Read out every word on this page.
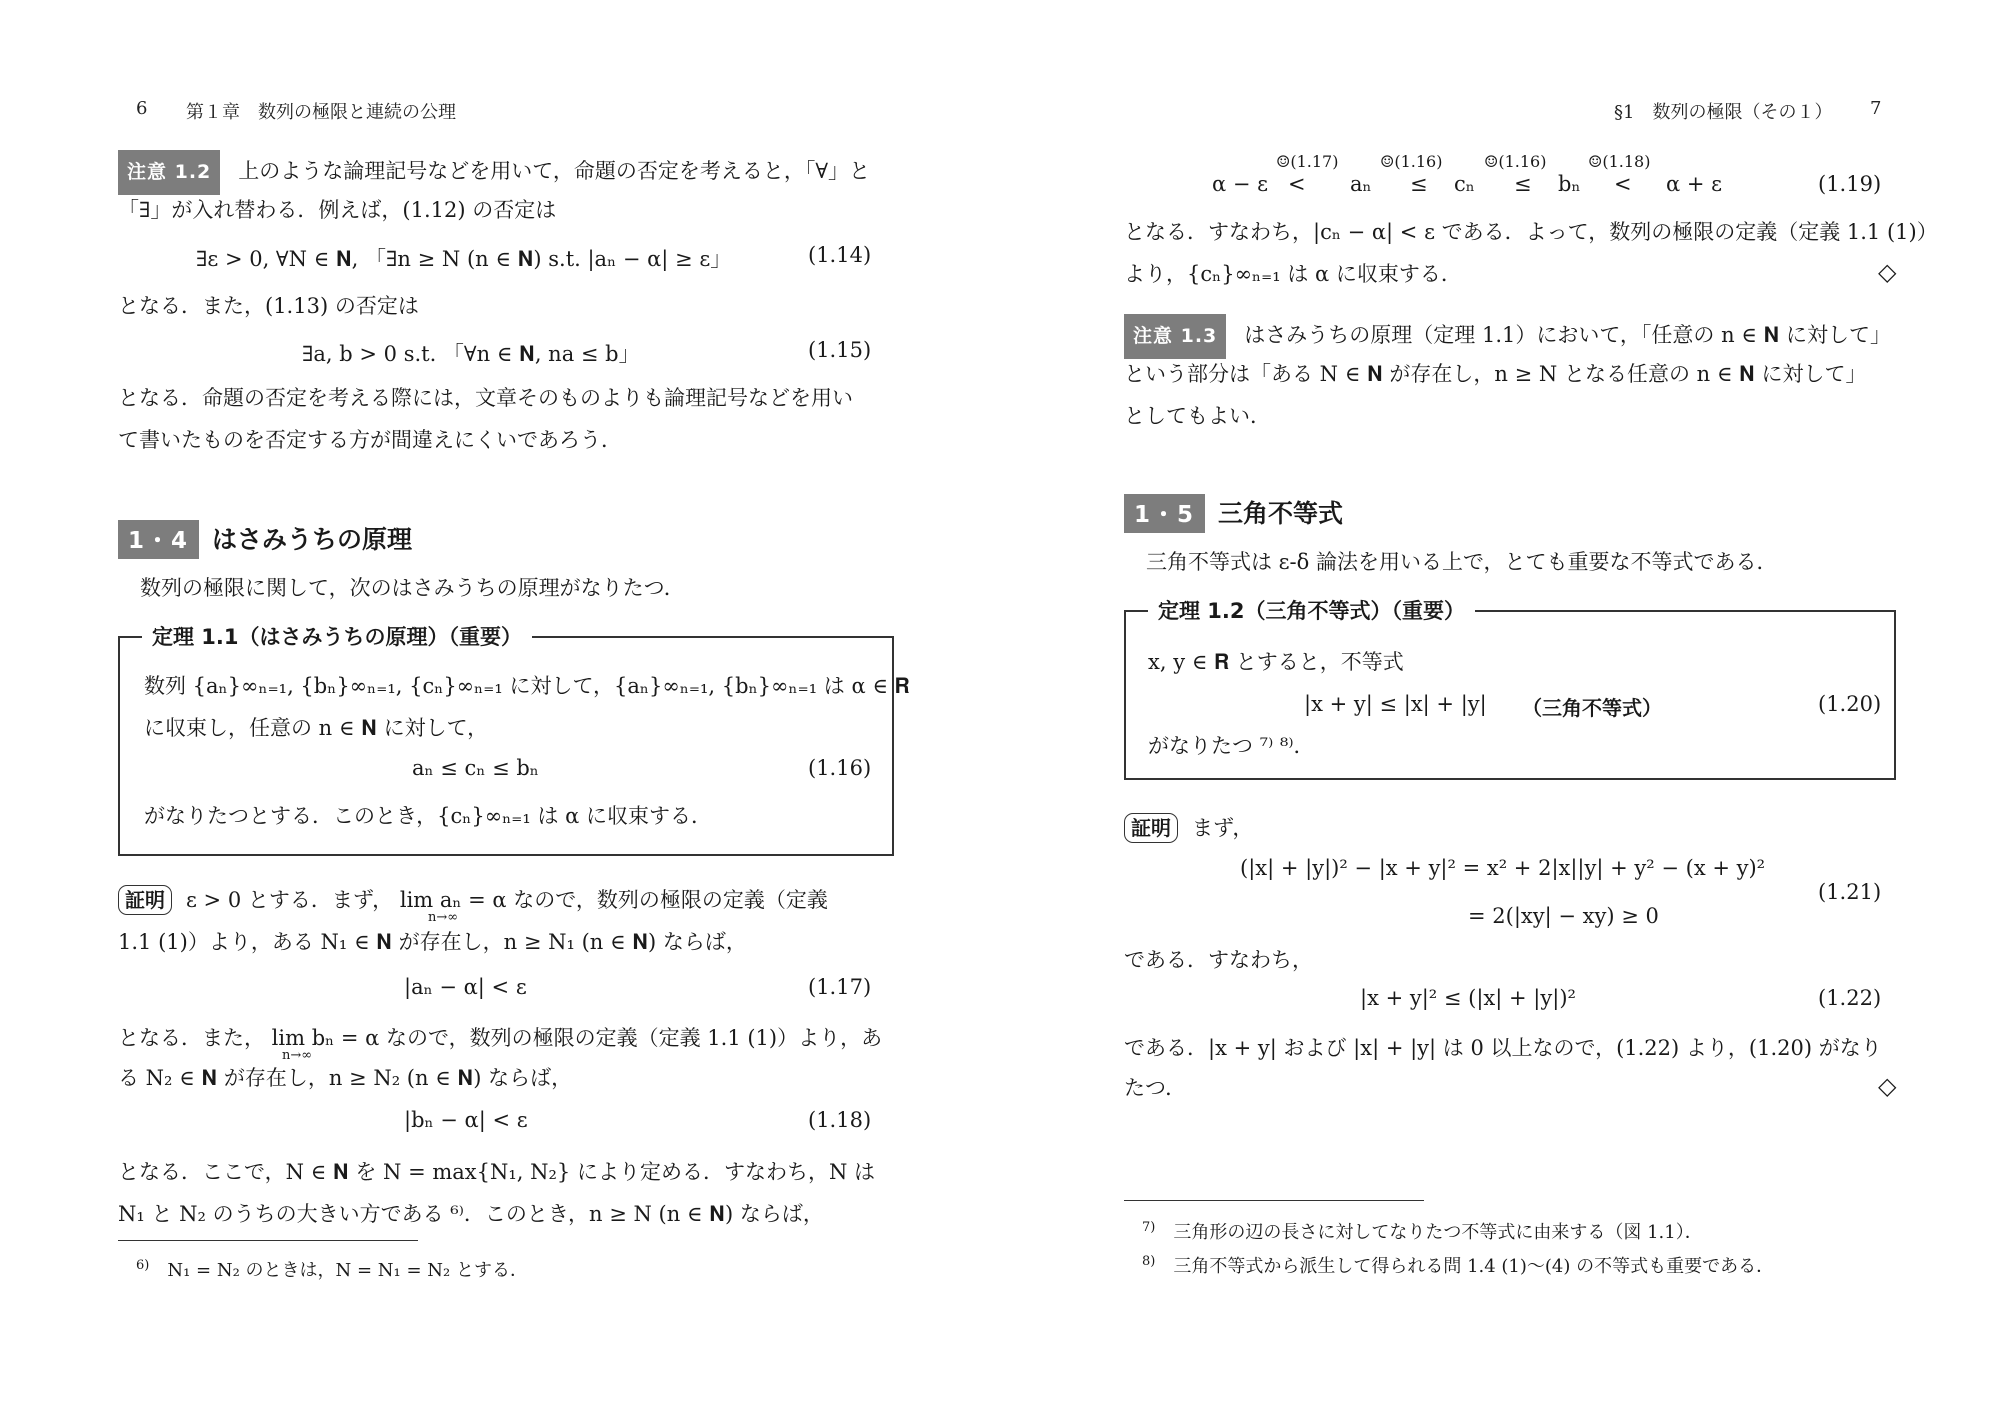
6 第１章　数列の極限と連続の公理
注意 1.2 上のような論理記号などを用いて，命題の否定を考えると，「∀」と
「∃」が入れ替わる．例えば，(1.12) の否定は
∃ε > 0, ∀N ∈ 𝐍, 「∃n ≥ N (n ∈ 𝐍) s.t. |aₙ − α| ≥ ε」	(1.14)
となる．また，(1.13) の否定は
∃a, b > 0 s.t. 「∀n ∈ 𝐍, na ≤ b」	(1.15)
となる．命題の否定を考える際には，文章そのものよりも論理記号などを用い
て書いたものを否定する方が間違えにくいであろう．
1・4 はさみうちの原理
数列の極限に関して，次のはさみうちの原理がなりたつ．
定理 1.1（はさみうちの原理）（重要）
数列 {aₙ}∞ₙ₌₁, {bₙ}∞ₙ₌₁, {cₙ}∞ₙ₌₁ に対して，{aₙ}∞ₙ₌₁, {bₙ}∞ₙ₌₁ は α ∈ 𝐑
に収束し，任意の n ∈ 𝐍 に対して，
aₙ ≤ cₙ ≤ bₙ	(1.16)
がなりたつとする．このとき，{cₙ}∞ₙ₌₁ は α に収束する．
証明 ε > 0 とする．まず， lim aₙ = α なので，数列の極限の定義（定義
n→∞
1.1 (1)）より，ある N₁ ∈ 𝐍 が存在し，n ≥ N₁ (n ∈ 𝐍) ならば，
|aₙ − α| < ε	(1.17)
となる．また， lim bₙ = α なので，数列の極限の定義（定義 1.1 (1)）より，あ
n→∞
る N₂ ∈ 𝐍 が存在し，n ≥ N₂ (n ∈ 𝐍) ならば，
|bₙ − α| < ε	(1.18)
となる．ここで，N ∈ 𝐍 を N = max{N₁, N₂} により定める．すなわち，N は
N₁ と N₂ のうちの大きい方である ⁶⁾．このとき，n ≥ N (n ∈ 𝐍) ならば，
$^{6)}$ N₁ = N₂ のときは，N = N₁ = N₂ とする．
§1　数列の極限（その１） 7
☺(1.17)	☺(1.16)	☺(1.16)	☺(1.18)
α − ε < aₙ ≤ cₙ ≤ bₙ < α + ε	(1.19)
となる．すなわち，|cₙ − α| < ε である．よって，数列の極限の定義（定義 1.1 (1)）
より，{cₙ}∞ₙ₌₁ は α に収束する．	◇
注意 1.3 はさみうちの原理（定理 1.1）において，「任意の n ∈ 𝐍 に対して」
という部分は「ある N ∈ 𝐍 が存在し，n ≥ N となる任意の n ∈ 𝐍 に対して」
としてもよい．
1・5 三角不等式
三角不等式は ε-δ 論法を用いる上で，とても重要な不等式である．
定理 1.2（三角不等式）（重要）
x, y ∈ 𝐑 とすると，不等式
|x + y| ≤ |x| + |y| （三角不等式）	(1.20)
がなりたつ ⁷⁾ ⁸⁾．
証明 まず，
(|x| + |y|)² − |x + y|² = x² + 2|x||y| + y² − (x + y)²
= 2(|xy| − xy) ≥ 0
(1.21)
である．すなわち，
|x + y|² ≤ (|x| + |y|)²	(1.22)
である．|x + y| および |x| + |y| は 0 以上なので，(1.22) より，(1.20) がなり
たつ．	◇
$^{7)}$ 三角形の辺の長さに対してなりたつ不等式に由来する（図 1.1）．
$^{8)}$ 三角不等式から派生して得られる問 1.4 (1)〜(4) の不等式も重要である．
